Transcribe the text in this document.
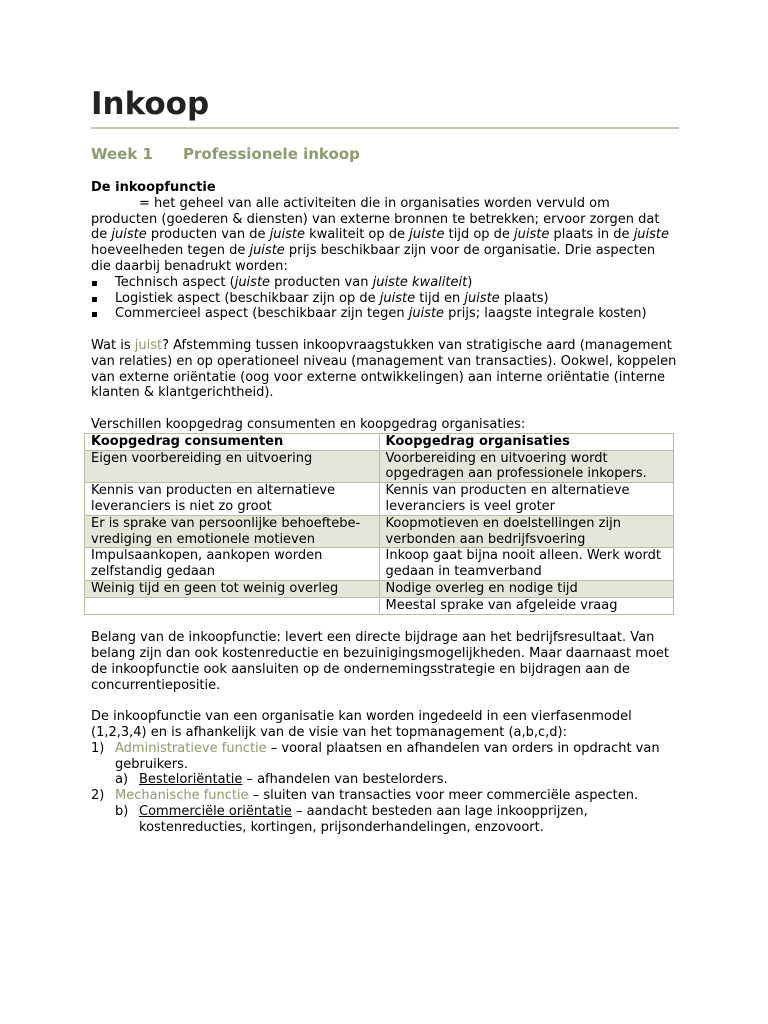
Inkoop
Week 1 Professionele inkoop
De inkoopfunctie

= het geheel van alle activiteiten die in organisaties worden vervuld om producten (goederen & diensten) van externe bronnen te betrekken; ervoor zorgen dat de juiste producten van de juiste kwaliteit op de juiste tijd op de juiste plaats in de juiste hoeveelheden tegen de juiste prijs beschikbaar zijn voor de organisatie. Drie aspecten die daarbij benadrukt worden:

Technisch aspect (juiste producten van juiste kwaliteit)
Logistiek aspect (beschikbaar zijn op de juiste tijd en juiste plaats)
Commercieel aspect (beschikbaar zijn tegen juiste prijs; laagste integrale kosten)

Wat is juist? Afstemming tussen inkoopvraagstukken van stratigische aard (management van relaties) en op operationeel niveau (management van transacties). Ookwel, koppelen van externe oriëntatie (oog voor externe ontwikkelingen) aan interne oriëntatie (interne klanten & klantgerichtheid).

Verschillen koopgedrag consumenten en koopgedrag organisaties:

Koopgedrag consumenten	Koopgedrag organisaties
Eigen voorbereiding en uitvoering	Voorbereiding en uitvoering wordt opgedragen aan professionele inkopers.
Kennis van producten en alternatieve leveranciers is niet zo groot	Kennis van producten en alternatieve leveranciers is veel groter
Er is sprake van persoonlijke behoeftebe-vrediging en emotionele motieven	Koopmotieven en doelstellingen zijn verbonden aan bedrijfsvoering
Impulsaankopen, aankopen worden zelfstandig gedaan	Inkoop gaat bijna nooit alleen. Werk wordt gedaan in teamverband
Weinig tijd en geen tot weinig overleg	Nodige overleg en nodige tijd
	Meestal sprake van afgeleide vraag

Belang van de inkoopfunctie: levert een directe bijdrage aan het bedrijfsresultaat. Van belang zijn dan ook kostenreductie en bezuinigingsmogelijkheden. Maar daarnaast moet de inkoopfunctie ook aansluiten op de ondernemingsstrategie en bijdragen aan de concurrentiepositie.

De inkoopfunctie van een organisatie kan worden ingedeeld in een vierfasenmodel (1,2,3,4) en is afhankelijk van de visie van het topmanagement (a,b,c,d):

1) Administratieve functie – vooral plaatsen en afhandelen van orders in opdracht van gebruikers.
a) Besteloriëntatie – afhandelen van bestelorders.
2) Mechanische functie – sluiten van transacties voor meer commerciële aspecten.
b) Commerciële oriëntatie – aandacht besteden aan lage inkoopprijzen, kostenreducties, kortingen, prijsonderhandelingen, enzovoort.
